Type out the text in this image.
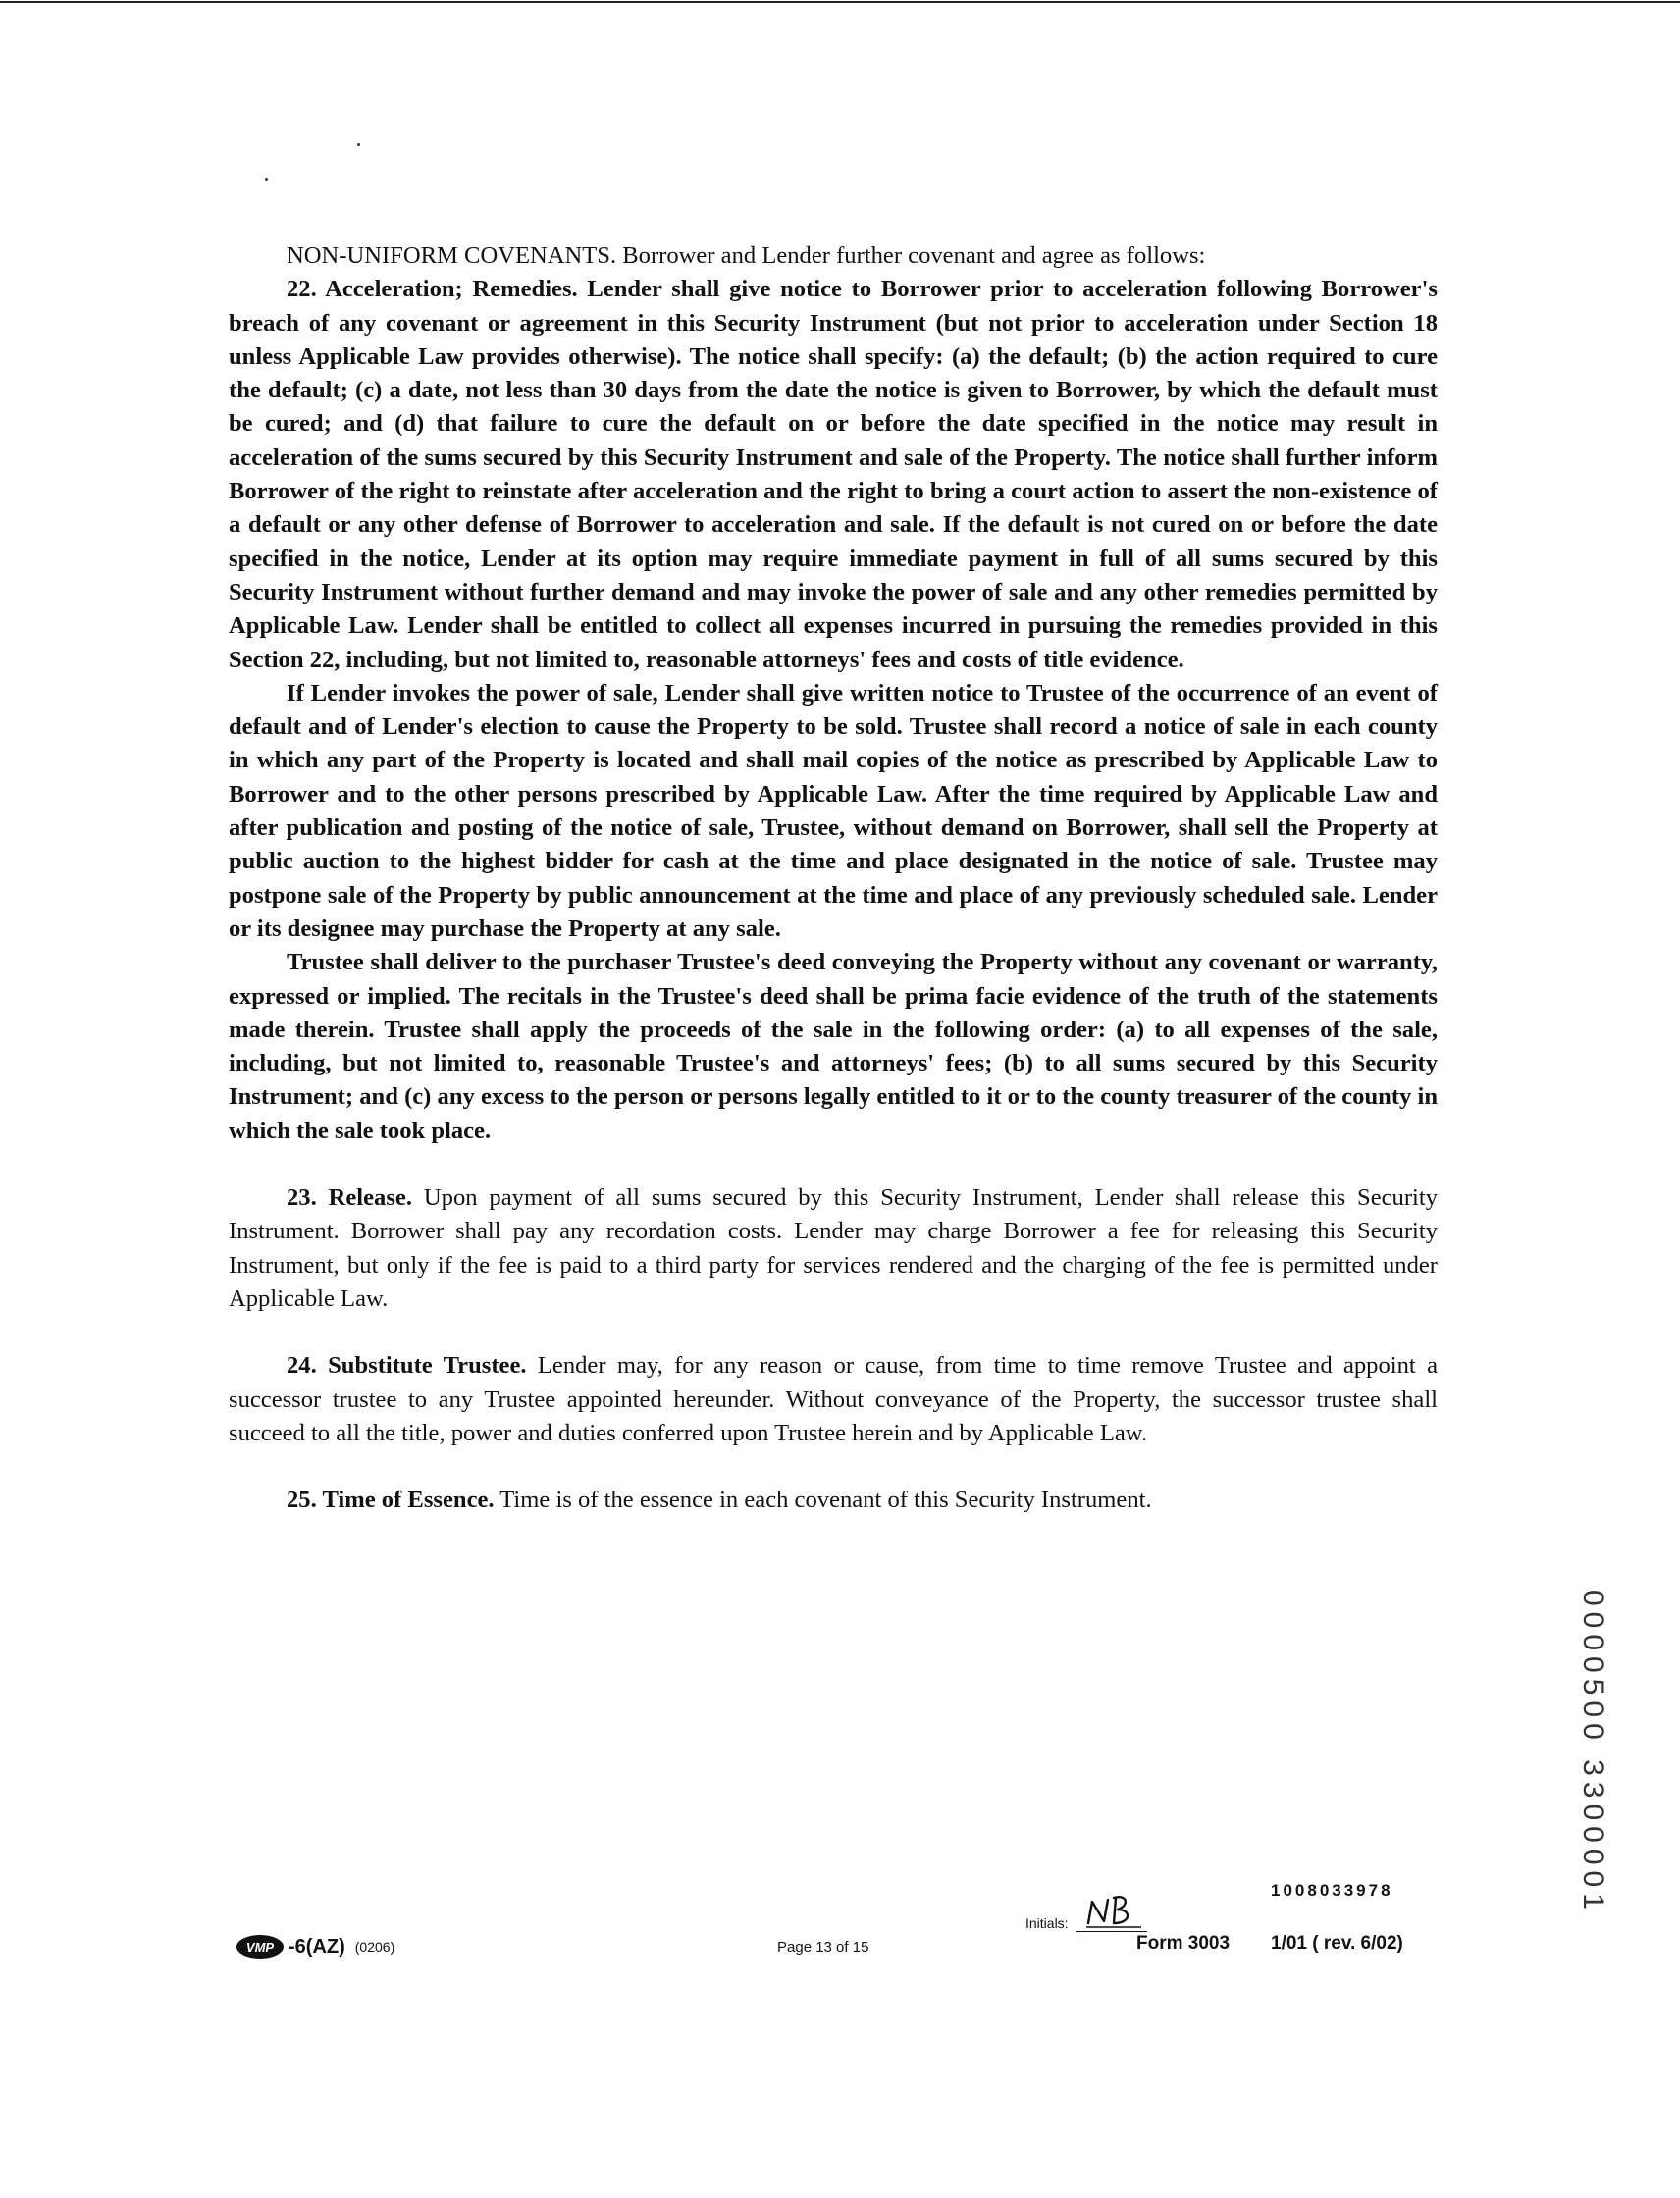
NON-UNIFORM COVENANTS. Borrower and Lender further covenant and agree as follows:

22. Acceleration; Remedies. Lender shall give notice to Borrower prior to acceleration following Borrower's breach of any covenant or agreement in this Security Instrument (but not prior to acceleration under Section 18 unless Applicable Law provides otherwise). The notice shall specify: (a) the default; (b) the action required to cure the default; (c) a date, not less than 30 days from the date the notice is given to Borrower, by which the default must be cured; and (d) that failure to cure the default on or before the date specified in the notice may result in acceleration of the sums secured by this Security Instrument and sale of the Property. The notice shall further inform Borrower of the right to reinstate after acceleration and the right to bring a court action to assert the non-existence of a default or any other defense of Borrower to acceleration and sale. If the default is not cured on or before the date specified in the notice, Lender at its option may require immediate payment in full of all sums secured by this Security Instrument without further demand and may invoke the power of sale and any other remedies permitted by Applicable Law. Lender shall be entitled to collect all expenses incurred in pursuing the remedies provided in this Section 22, including, but not limited to, reasonable attorneys' fees and costs of title evidence.

If Lender invokes the power of sale, Lender shall give written notice to Trustee of the occurrence of an event of default and of Lender's election to cause the Property to be sold. Trustee shall record a notice of sale in each county in which any part of the Property is located and shall mail copies of the notice as prescribed by Applicable Law to Borrower and to the other persons prescribed by Applicable Law. After the time required by Applicable Law and after publication and posting of the notice of sale, Trustee, without demand on Borrower, shall sell the Property at public auction to the highest bidder for cash at the time and place designated in the notice of sale. Trustee may postpone sale of the Property by public announcement at the time and place of any previously scheduled sale. Lender or its designee may purchase the Property at any sale.

Trustee shall deliver to the purchaser Trustee's deed conveying the Property without any covenant or warranty, expressed or implied. The recitals in the Trustee's deed shall be prima facie evidence of the truth of the statements made therein. Trustee shall apply the proceeds of the sale in the following order: (a) to all expenses of the sale, including, but not limited to, reasonable Trustee's and attorneys' fees; (b) to all sums secured by this Security Instrument; and (c) any excess to the person or persons legally entitled to it or to the county treasurer of the county in which the sale took place.

23. Release. Upon payment of all sums secured by this Security Instrument, Lender shall release this Security Instrument. Borrower shall pay any recordation costs. Lender may charge Borrower a fee for releasing this Security Instrument, but only if the fee is paid to a third party for services rendered and the charging of the fee is permitted under Applicable Law.

24. Substitute Trustee. Lender may, for any reason or cause, from time to time remove Trustee and appoint a successor trustee to any Trustee appointed hereunder. Without conveyance of the Property, the successor trustee shall succeed to all the title, power and duties conferred upon Trustee herein and by Applicable Law.

25. Time of Essence. Time is of the essence in each covenant of this Security Instrument.

0000500 3300001
VMP -6(AZ) (0206)	Page 13 of 15
Initials:
1008033978
Form 3003 1/01 ( rev. 6/02)
